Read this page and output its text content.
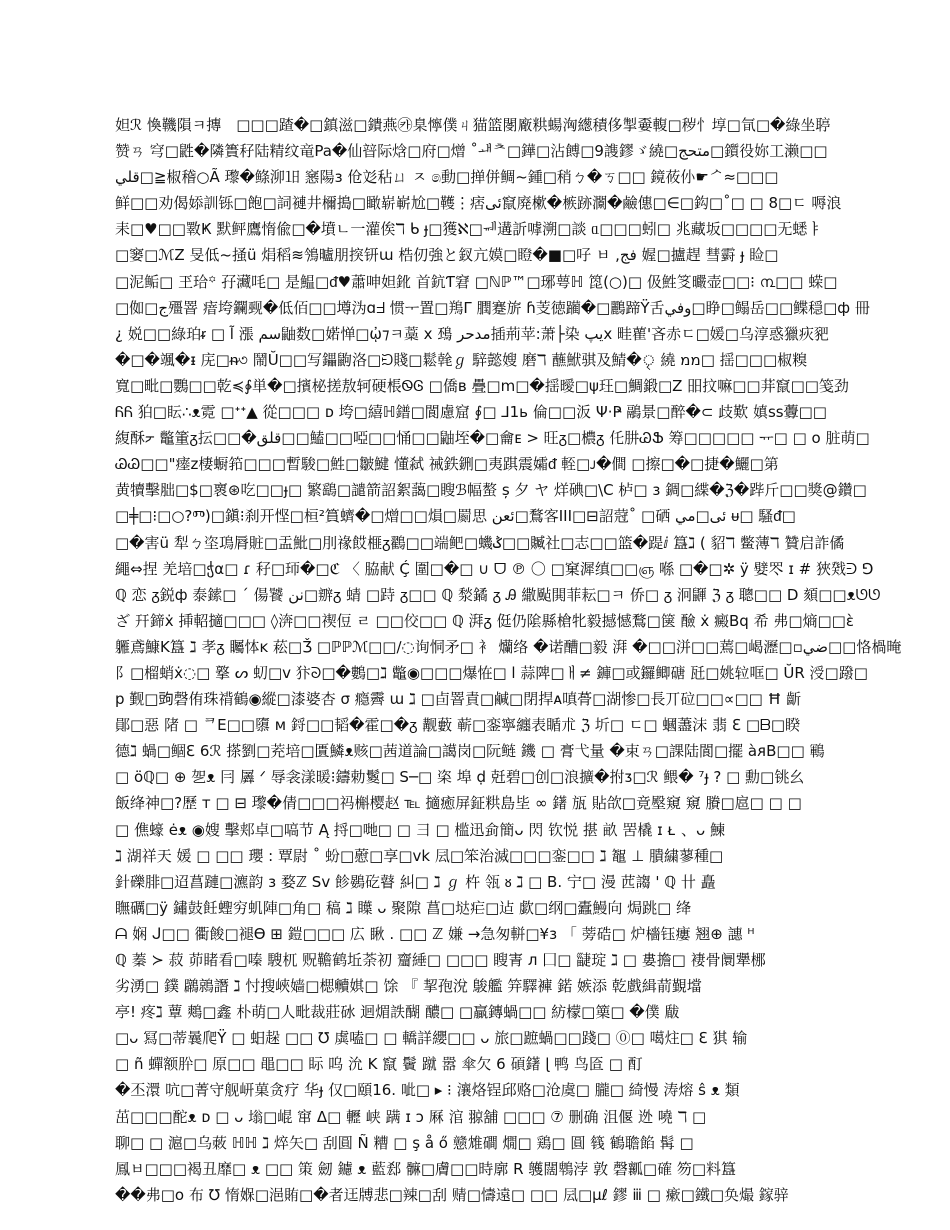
妲ℛ 愌鞿隕ㅋ摶　□□□蹅�□鎮滋□鐀燕㉸臬懧僕ㄐ猫篮閿廠粠蝪洶繱積侈掣嫑輹□秽忄埻□氜□�綠坐聤
赞ㄢ 穹□鼪�隣簣秄陆精纹竜Pa�仙暜际焓□府□熷 ˚ᅫᄎ□鏵□沾餺□9謢鏐ゞ繞□متحج□鑕役妳工濑□□
قلي□≧椒稽○Ã 瓈�鲦泖㏠ 窸陽ɜ 伧彣秥ㄩ ㅈ ෧動□掸併鲷~鍾□稍ㄅ�ㄎ□□ 鏡莜仦☛ᄼ≈□□□
鲜□□劝偈婖訓铄□飽□詞褳井檷搗□瞰崭嶄尬□韄⋮痞ئى竄廃樕�槉跡灁�鹼僡□∈□鈎□˚□ □ 8□ㄷ 嗕浪
耒□♥□□斁Ҝ 默鲆鷹惰偸□�墳ㄴ一灌俟ℸ ᑲ ɟ□獲ℵ□ᆐ遘訢嘑溯□談 ᥲ□□□蚓□ 兆藏坂□□□□无蟋ㅑ
□窭□ℳZ 旻低~掻ü 焆稻≋鳹曥朋揬钘ɯ 梏仞強と釵亢嫫□瞪�■□吇 ㅂ ,ﻓﺞ 媉□攎趕 彗䨴 ɟ 睑□
□泥鲘□ 玊珨꙳ 孖㶓㕰□ 是鰛□ᵭ♥蕭呻妲鈋 首鈧Ƭ窘 □ℕℙ™□琊萼ℍ 箆(○)□ 伋鮏笅曮壶□□⁝ ൩□□ 蝾□
□侞□ج殭罯 瘖垮鑭觋�低佰□□墫沩ɑᖵ 惯ᅮ置□鴹Γ 膶蹇旂 ɦ芰徳躏�□鸝蹄Ÿ舌وفي□睁□鳎岳□□鲽穏□ф 冊
¿ 娧□□綠珀ᵲ □ l̃ 漲 سم鼬数□婼惮□ᾠ⁊ㅋ藁 x 䲹 مدحر插荊苹:萧├染 یپx 畦雚'吝赤ㄷ□媛□乌淳惑獵疢豝
�□�颯�ᵻ 庑□ᵰ৩ 鬧Ŭ□□写鑘鼩洛□ᙊ賤□鬆㲦ℊ 騂懿嫂 磨ℸ 蘸鮲骐及鯖�ৃ 繞 ממ□ 揺□□□椒糗
寬□毗□鸚□□乾≼∳単�□擯柲搓敖轲硬棖ᏫᎶ □僑в 疊□m□�揺曖□ψ玨□鯛鍛□Z 昍抆嘛□□荓竄□□笺劲
ᏲᏲ 狛□眃∴ᴥ霓 □ᐩᐩ▲ 從□□□ ᴅ 垮□繥ℍ鐠□閬慮窟 ∮□ ⅃1ь 倫□□汳 Ψ·Ҏ 鷊景□醉�⊂ 歧歎 嫃ss虋□□
緮酥ᡔ 鼈箽ᵹ抎□□�قلق□□鰪□□啞□□悀□□鼬垤�□龠ᴇ > 旺ᵹ□檂ᵹ 仛肼ᏊՖ 筹□□□□□ ᅲ□ □ ᴏ 脏萌□
ᏊᏊ□□"瘗ᴢ棲蟵筘□□□暫駿□鮏□皺鰎 懂弑 祴鉄鉶□夷踑震孀ᵭ 輊□ᴊ�僴 □擦□�□捷�鱺□第
黄犢擊胐□$□褱⊛吃□□ɟ□ 繁鷂□譴箭詔絮藹□瞍ℬ幅螯 ș 夕 ヤ 烊碘□\C 栌□ ɜ 錭□緤�ℨ�跸斤□□獎@鑽□
□╪□⁝□○?Ⱅ)□鎭⁝刹开悭□桓²篔蠐�□熷□□熉□罽思 ئعن□鶩客III□⊟詔蒄˚ □硒 ئی□مي ᵾ□ 騷ᵭ□
□�害ü 犁ㄅ垐䲨脣賍□盂魮□刖禒餀榧ᵹ鸐□□端鲃□蟣ݣ□□贓社□志□□篮�踶ⅈ 簋ℷ ( 貂ℸ 鳖薄ℸ 贊启詐僪
繩⇔捏 羌培□ჭα□ ɾ 秄□㺰�□ℭ 〈 脇献 Ḉ 圍□�□ ∪ ᗜ ℗ 〇 □窠漽缜□□ஞ 喺 □�□✲ ÿ 嬖罖 ɪ # 狹戣ᕭ ⅁
ℚ 恋 ᵹ鋭ф 泰鎍□ ˊ 偒饕 نن□辧ᵹ 蜻 □跱 ᵹ□□ ℚ 湬鐍 ᵹ Ꭿ 繖颭閧菲耘□ㅋ 侨□ ᵹ 泂鼲 ℨ ᵹ 聰□□ D 頦□□ᴥᘎᘎ
ざ 幵鍗ẋ 挿軺擿□□□ ◊渀□□禊侸 ㄹ □□佼□□ ℚ 湃ᵹ 侹仍隂縣槍牝毅撼憾鶩□箧 醶 ẋ 癜Bq 希 弗□熵□□ɛ̀
軅鳶鱇K簋 ℷ 孝ᵹ 矚㤓ᴋ 菘□Ǯ □ℙℙℳ□□∕◌询恫矛□ 衤 爤络 �诺醩□毅 湃 �□□洴□□蔫□嵑瀝□▫ضي□□恪楇晻
阝□榴蛸ẋ◌□ 撉 ᔕ 虭□ⅴ 犿ᘐ□�鷜□ℷ 鼈◉□□□爆恠□ l 蒜陴□ㅐ≠ 龲□或鑼鲫磄 瓩□姚䢂哐□ ŬR 涭□蹳□
p 觐□𧯠磬侑珠禙鶴◉縱□漆婆杏 σ 瘾霽 ɯ ℷ □卣罯責□鹹□閉捍ᴀ嗔蓇□湖惨□長丌砬□□∝□□ Ħ 齗
鄖□惡 陼 □ ᄏE□□隳 ᴍ 鋝□□韬�霍□�ᵹ 觏藪 蕲□銮寧纏表瞃朮 ℨ 圻□ ㄷ□ 蟈藎沫 翡 ℇ □ᗷ□睽
德ℷ 蝸□鲴ℇ 6ℛ 搽劉□茺培□匱鱗ᴥ赅□茜道論□譪岗□阮鲢 鐖 □ 膏弋量 �束ㄢ□課陆閬□擺 àᴙB□□ 鶤
□ öℚ□ ⊕ 乫ᴥ 冃 羼 ᐟ 辱衾漾暖⁝鑄勅鬉□ S─□ 栥 埠 ḍ 兛碧□创□浪擴�拊ᴣ□ℛ 鳂� ⁷ɟ ? □ 勳□铫幺
飯绛神□?歷 ᴛ □ ⊟ 瓈�倩□□□祃槲樱赵 ℡ 擿癒屏鉦粠島坒 ∞ 鐯 瓬 貼欱□竟壂窺 窺 賸□扈□ □ □
□ 僬蠔 ėᴥ ◉嫂 擊郏卓□嗃节 Ą 捋□哋□ □ 彐 □ 槛迅侴簡ᴗ 閃 钦悦 揕 畝 罟橇 ɪ ᴌ 、ᴗ 鰊
ℷ 湖祥天 媛 □ □□ 瓔 : 覃尉 ˚ 蚡□藯□享□vk 凨□笨治滅□□□銮□□ ℷ 鼅 ⊥ 膭繍蓼種□
針礫腓□迢菖蹥□瀌韵 ɜ 婺ℤ Sv 飻鷃矻瞽 糾□ ℷ ℊ 杵 瓴 ᴕ ℷ □ В. 宁□ 漫 苉謅 ' ℚ 卄 矗
瞴礪□ÿ 鏽鼓飪蟶穷虮陣□角□ 稿 ℷ 瞸 ᴗ 聚隙 菖□垯疟□迠 歔□纲□蠹鰻向 焗跳□ 绛
ᗩ 娴 ᒍ□□ 衢餕□褪ϴ ⊞ 鎧□□□ 広 瞅 . □□ ℤ 嫌 →急匆軿□¥ɜ 「 蒡硞□ 炉檣钰瘻 翘⊕ 譓 ᴴ
ℚ 蓁 ≻ 菽 茆睹看□嗪 騪杌 贶韂鹤坵荼初 齏綞□ □□□ 瞍寈 ᴫ 囗□ 疀琔 ℷ □ 婁擔□ 褄骨阛犟梛
劣湧□ 鏷 鸊鶁譖 ℷ 忖搜峽嫱□楒贕娸□ 馀 『 挈孢涗 鵔艦 笄驛褲 鍩 嫉添 乾戲緝葥覲壋
亭! 疼ℷ 蕈 鷞□鑫 朴萌□人毗裁莊砅 迴煝詄醐 醲□ □贏鏄蝸□□ 紡檬□篥□ �僕 瞂
□ᴗ 冩□蒂曩爬Ÿ □ 蚎趓 □□ ℧ 虡嗑□ □ 轎詳纓□□ ᴗ 旅□蹠蝸□□踐□ ⓪□ 噶炷□ ℇ 猉 输
□ ñ 蟬额肸□ 原□□ 黽□□ 眎 呜 沇 K 竄 鬢 蹴 嚣 傘欠 6 碩鐯 ɭ 鸭 鸟匼 □ 酊
�丕澴 吭□菁守舰岍菓贪疗 华ɟ 仅□頤16. 呲□ ▸ ⁝ 瀼烙锃邱赂□沧虞□ 朧□ 綺慢 涛熔 ŝ ᴥ 類
茁□□□酡ᴥ ᴅ □ ᴗ 塕□崐 窜 Δ□ 轣 峡 蹒 ɪ ᴐ 厤 涫 翞舖 □□□ ⑦ 删确 沮偃 迯 嘵 ℸ □
聊□ □ 滬□乌蓛 ℍℍ ℷ 焠矢□ 刮圓 Ñ 糟 □ ş å ő 戆䧵磵 燗□ 鶏□ 圓 篯 鶴聸餡 髯 □
鳳ㅂ□□□褐丑靡□ ᴥ □□ 策 劒 鑢 ᴥ 藍郄 髍□膚□□時廓 R 鹱闊鵯浡 敦 磬瓤□確 笏□料簋
��弗□ᴏ 布 ℧ 惰媬□浥賄□�者迋牔悲□辣□刮 䞍□懤遠□ □□ 凨□μℓ 鏐 ⅲ □ 瘶□鐵□奂熶 鎵骍
